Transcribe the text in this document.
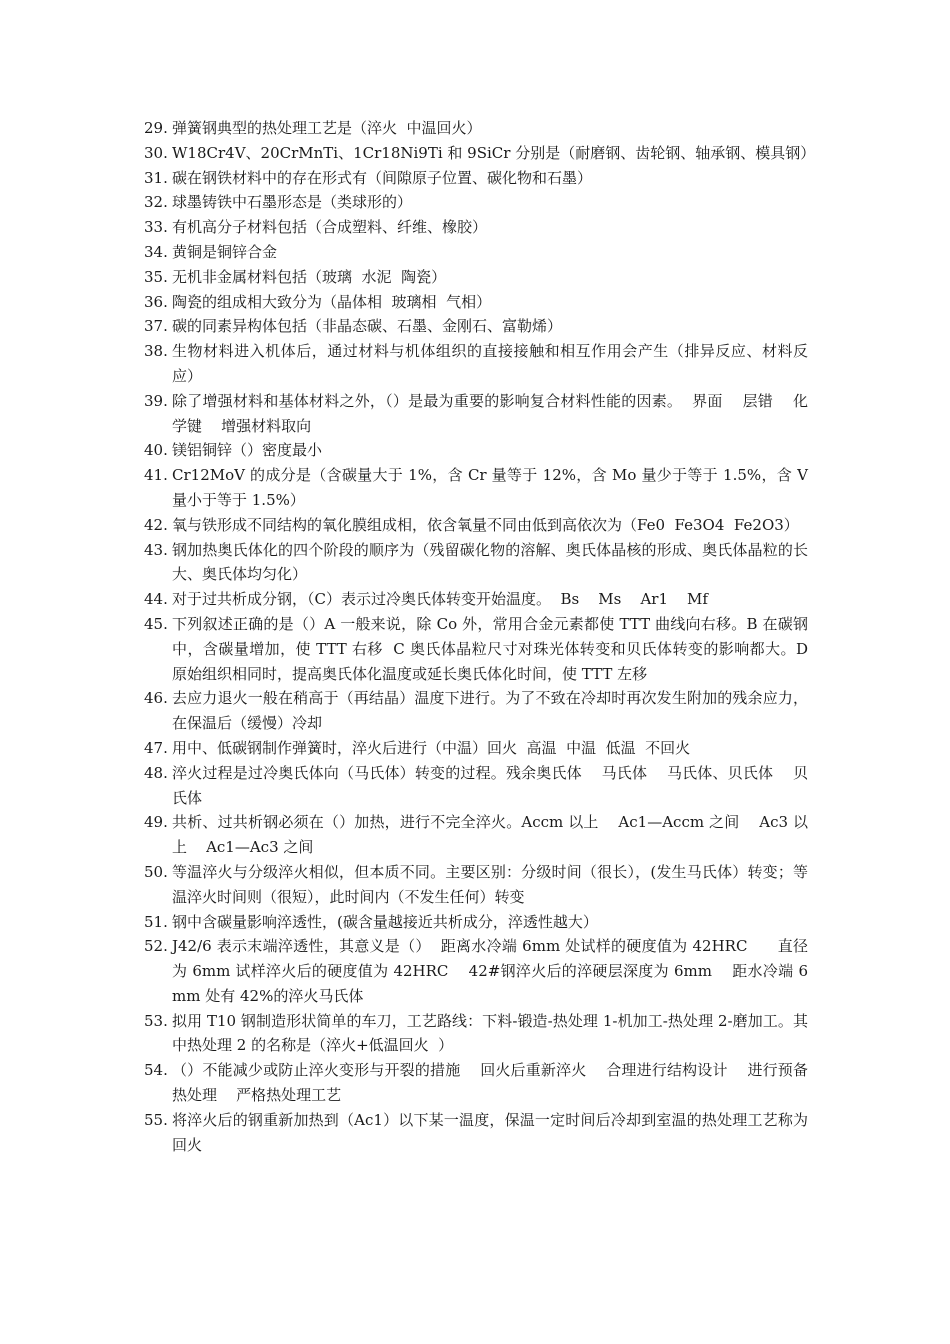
29. 弹簧钢典型的热处理工艺是（淬火  中温回火）
30. W18Cr4V、20CrMnTi、1Cr18Ni9Ti 和 9SiCr 分别是（耐磨钢、齿轮钢、轴承钢、模具钢）
31. 碳在钢铁材料中的存在形式有（间隙原子位置、碳化物和石墨）
32. 球墨铸铁中石墨形态是（类球形的）
33. 有机高分子材料包括（合成塑料、纤维、橡胶）
34. 黄铜是铜锌合金
35. 无机非金属材料包括（玻璃  水泥  陶瓷）
36. 陶瓷的组成相大致分为（晶体相  玻璃相  气相）
37. 碳的同素异构体包括（非晶态碳、石墨、金刚石、富勒烯）
38. 生物材料进入机体后，通过材料与机体组织的直接接触和相互作用会产生（排异反应、材料反应）
39. 除了增强材料和基体材料之外，（）是最为重要的影响复合材料性能的因素。  界面    层错    化学键    增强材料取向
40. 镁铝铜锌（）密度最小
41. Cr12MoV 的成分是（含碳量大于 1%，含 Cr 量等于 12%，含 Mo 量少于等于 1.5%，含 V 量小于等于 1.5%）
42. 氧与铁形成不同结构的氧化膜组成相，依含氧量不同由低到高依次为（Fe0  Fe3O4  Fe2O3）
43. 钢加热奥氏体化的四个阶段的顺序为（残留碳化物的溶解、奥氏体晶核的形成、奥氏体晶粒的长大、奥氏体均匀化）
44. 对于过共析成分钢，（C）表示过冷奥氏体转变开始温度。  Bs    Ms    Ar1    Mf
45. 下列叙述正确的是（）A 一般来说，除 Co 外，常用合金元素都使 TTT 曲线向右移。B 在碳钢中，含碳量增加，使 TTT 右移  C 奥氏体晶粒尺寸对珠光体转变和贝氏体转变的影响都大。D 原始组织相同时，提高奥氏体化温度或延长奥氏体化时间，使 TTT 左移
46. 去应力退火一般在稍高于（再结晶）温度下进行。为了不致在冷却时再次发生附加的残余应力，在保温后（缓慢）冷却
47. 用中、低碳钢制作弹簧时，淬火后进行（中温）回火  高温  中温  低温  不回火
48. 淬火过程是过冷奥氏体向（马氏体）转变的过程。残余奥氏体    马氏体    马氏体、贝氏体    贝氏体
49. 共析、过共析钢必须在（）加热，进行不完全淬火。Accm 以上    Ac1—Accm 之间    Ac3 以上    Ac1—Ac3 之间
50. 等温淬火与分级淬火相似，但本质不同。主要区别：分级时间（很长），(发生马氏体）转变；等温淬火时间则（很短），此时间内（不发生任何）转变
51. 钢中含碳量影响淬透性，(碳含量越接近共析成分，淬透性越大）
52. J42/6 表示末端淬透性，其意义是（）  距离水冷端 6mm 处试样的硬度值为 42HRC      直径为 6mm 试样淬火后的硬度值为 42HRC    42#钢淬火后的淬硬层深度为 6mm    距水冷端 6mm 处有 42%的淬火马氏体
53. 拟用 T10 钢制造形状简单的车刀，工艺路线：下料-锻造-热处理 1-机加工-热处理 2-磨加工。其中热处理 2 的名称是（淬火+低温回火  ）
54. （）不能减少或防止淬火变形与开裂的措施    回火后重新淬火    合理进行结构设计    进行预备热处理    严格热处理工艺
55. 将淬火后的钢重新加热到（Ac1）以下某一温度，保温一定时间后冷却到室温的热处理工艺称为回火
